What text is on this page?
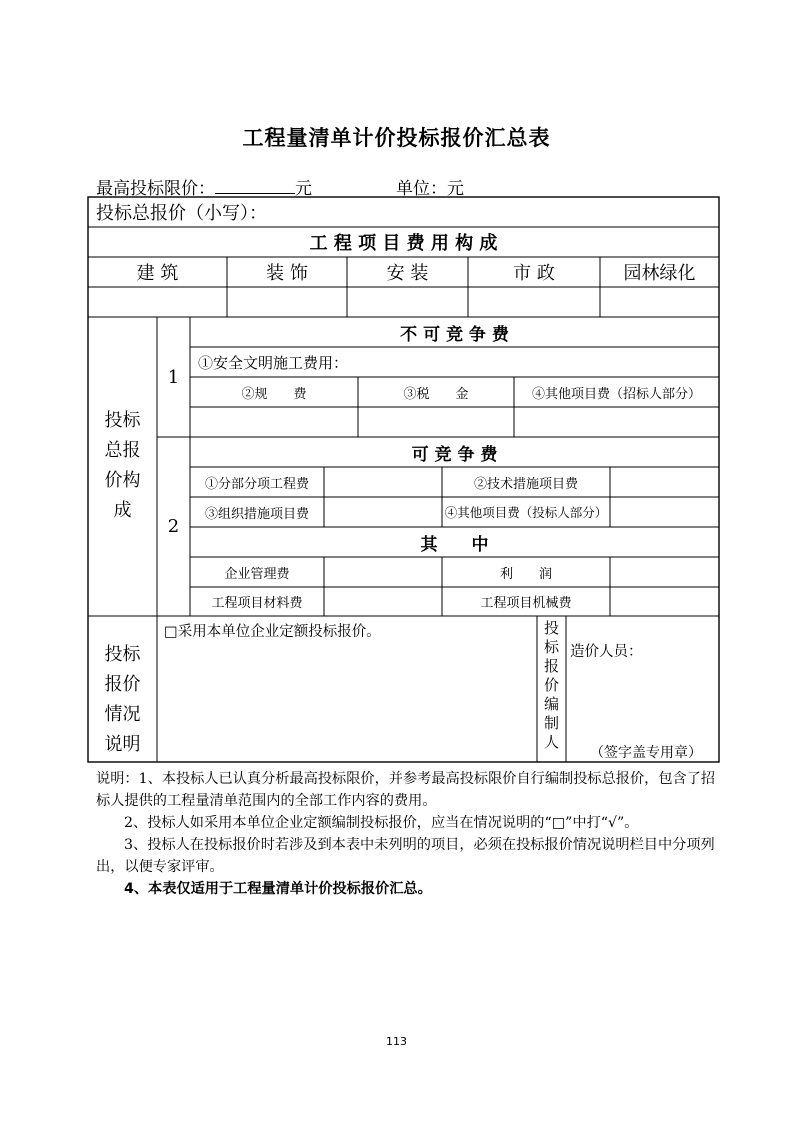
工程量清单计价投标报价汇总表
最高投标限价：	元	单位：元
投标总报价（小写）：
工 程 项 目 费 用 构 成
建 筑	装 饰	安 装	市 政	园林绿化
投标
总报
价构
成
1
不 可 竞 争 费
①安全文明施工费用：
②规　　费	③税　　金	④其他项目费（招标人部分）
2
可 竞 争 费
①分部分项工程费	②技术措施项目费
③组织措施项目费	④其他项目费（投标人部分）
其　　中
企业管理费	利　　润
工程项目材料费	工程项目机械费
投标
报价
情况
说明
□采用本单位企业定额投标报价。	投
标
报
价
编
制
人
造价人员：
（签字盖专用章）

说明：1、本投标人已认真分析最高投标限价，并参考最高投标限价自行编制投标总报价，包含了招标人提供的工程量清单范围内的全部工作内容的费用。

2、投标人如采用本单位企业定额编制投标报价，应当在情况说明的“□”中打“√”。

3、投标人在投标报价时若涉及到本表中未列明的项目，必须在投标报价情况说明栏目中分项列出，以便专家评审。

4、本表仅适用于工程量清单计价投标报价汇总。

113
